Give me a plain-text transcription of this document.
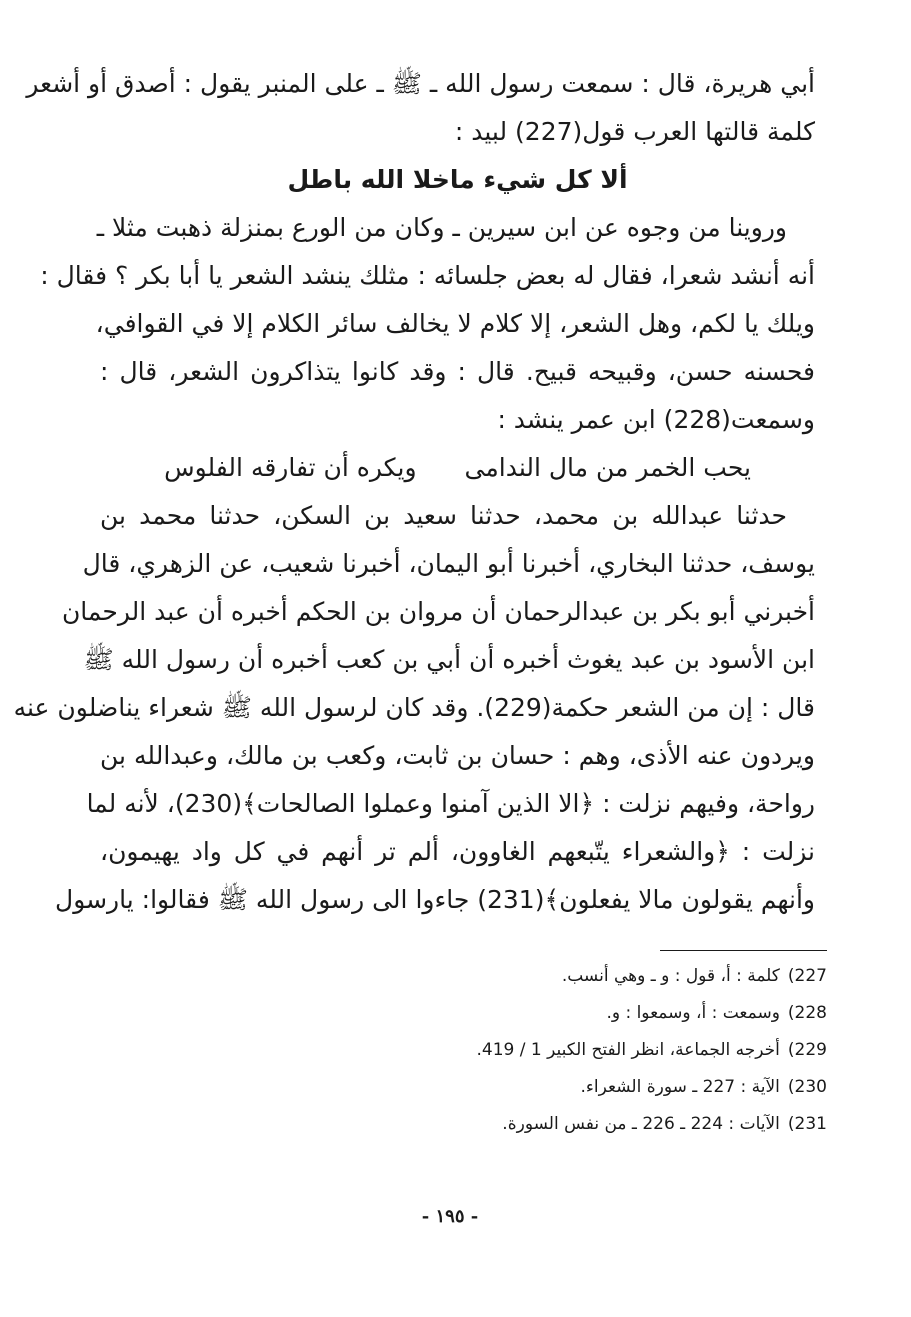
أبي هريرة، قال : سمعت رسول الله ـ ﷺ ـ على المنبر يقول : أصدق أو أشعر
كلمة قالتها العرب قول(227) لبيد :
ألا كل شيء ماخلا الله باطل
وروينا من وجوه عن ابن سيرين ـ وكان من الورع بمنزلة ذهبت مثلا ـ
أنه أنشد شعرا، فقال له بعض جلسائه : مثلك ينشد الشعر يا أبا بكر ؟ فقال :
ويلك يا لكم، وهل الشعر، إلا كلام لا يخالف سائر الكلام إلا في القوافي،
فحسنه حسن، وقبيحه قبيح. قال : وقد كانوا يتذاكرون الشعر، قال :
وسمعت(228) ابن عمر ينشد :
يحب الخمر من مال الندامىويكره أن تفارقه الفلوس
حدثنا عبدالله بن محمد، حدثنا سعيد بن السكن، حدثنا محمد بن
يوسف، حدثنا البخاري، أخبرنا أبو اليمان، أخبرنا شعيب، عن الزهري، قال
أخبرني أبو بكر بن عبدالرحمان أن مروان بن الحكم أخبره أن عبد الرحمان
ابن الأسود بن عبد يغوث أخبره أن أبي بن كعب أخبره أن رسول الله ﷺ
قال : إن من الشعر حكمة(229). وقد كان لرسول الله ﷺ شعراء يناضلون عنه
ويردون عنه الأذى، وهم : حسان بن ثابت، وكعب بن مالك، وعبدالله بن
رواحة، وفيهم نزلت : ﴿الا الذين آمنوا وعملوا الصالحات﴾(230)، لأنه لما
نزلت : ﴿والشعراء يتّبعهم الغاوون، ألم تر أنهم في كل واد يهيمون،
وأنهم يقولون مالا يفعلون﴾(231) جاءوا الى رسول الله ﷺ فقالوا: يارسول
227)كلمة : أ، قول : و ـ وهي أنسب.
228)وسمعت : أ، وسمعوا : و.
229)أخرجه الجماعة، انظر الفتح الكبير 1 / 419.
230)الآية : 227 ـ سورة الشعراء.
231)الآيات : 224 ـ 226 ـ من نفس السورة.
- ١٩٥ -
